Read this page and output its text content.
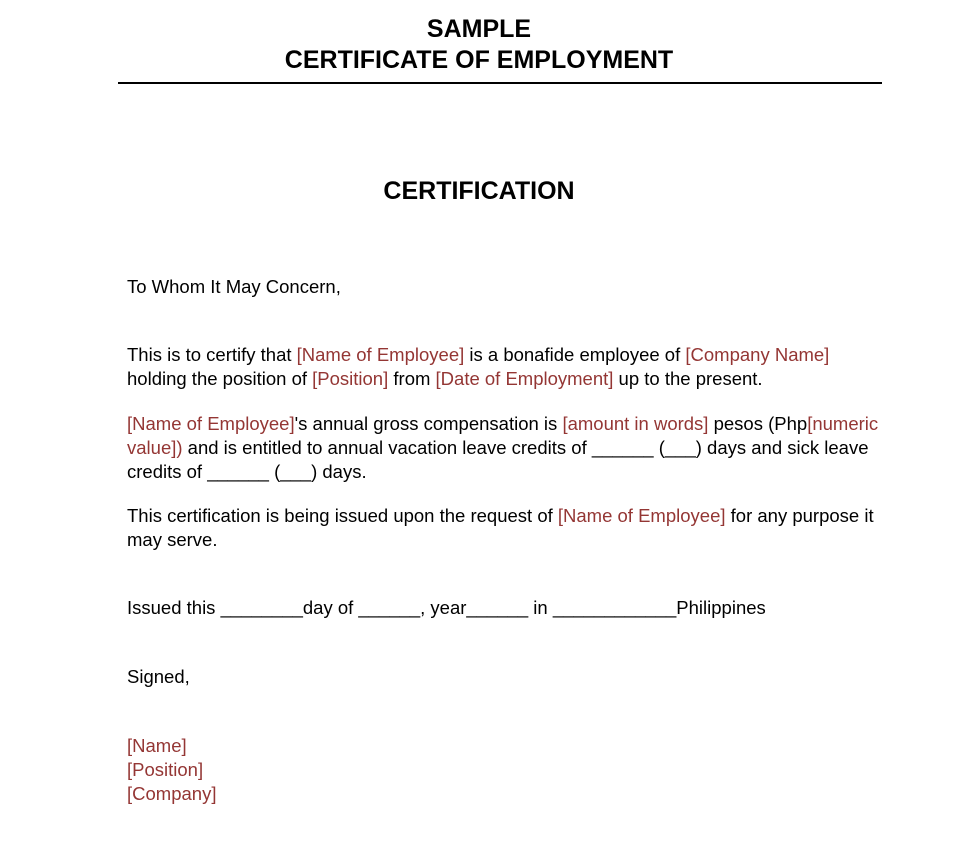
SAMPLE
CERTIFICATE OF EMPLOYMENT
CERTIFICATION

To Whom It May Concern,

This is to certify that [Name of Employee] is a bonafide employee of [Company Name] holding the position of [Position] from [Date of Employment] up to the present.

[Name of Employee]'s annual gross compensation is [amount in words] pesos (Php[numeric value]) and is entitled to annual vacation leave credits of ______ (___) days and sick leave credits of ______ (___) days.

This certification is being issued upon the request of [Name of Employee] for any purpose it may serve.

Issued this ________day of ______, year______ in ____________Philippines

Signed,

[Name]
[Position]
[Company]
